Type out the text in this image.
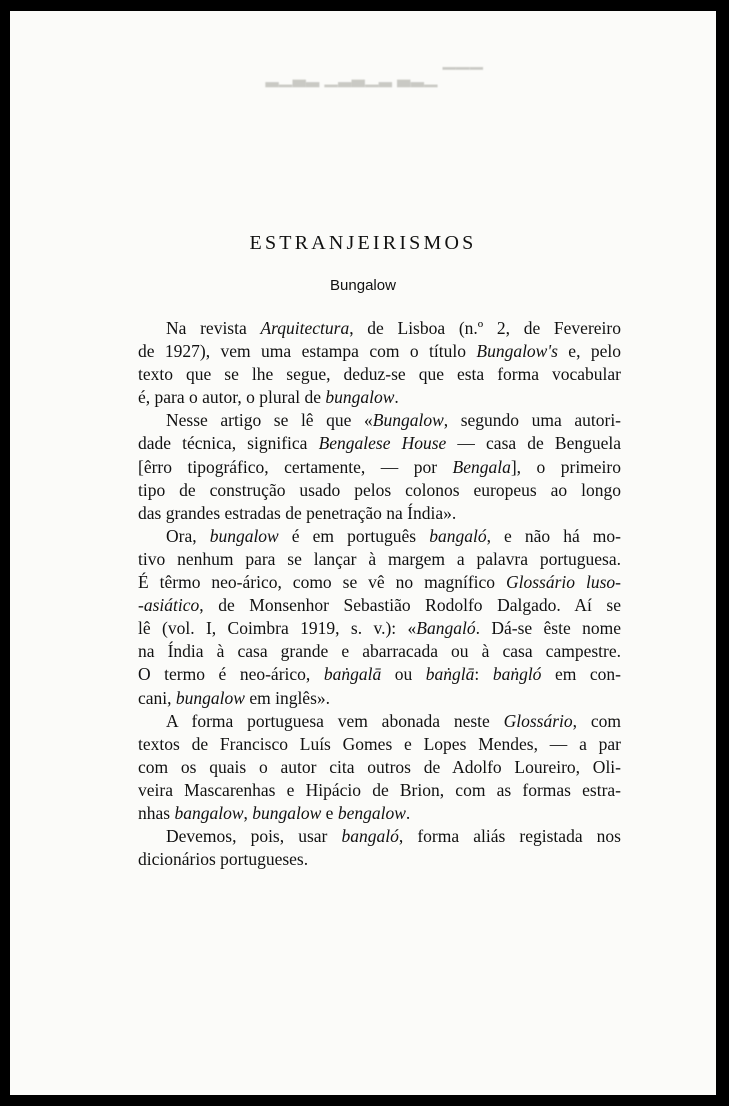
▔▔▔ ▁▂▃ ▂▁▃▂▁ ▂▃▁▂
ESTRANJEIRISMOS
Bungalow
Na revista Arquitectura, de Lisboa (n.º 2, de Fevereiro
de 1927), vem uma estampa com o título Bungalow's e, pelo
texto que se lhe segue, deduz-se que esta forma vocabular
é, para o autor, o plural de bungalow.
Nesse artigo se lê que «Bungalow, segundo uma autori-
dade técnica, significa Bengalese House — casa de Benguela
[êrro tipográfico, certamente, — por Bengala], o primeiro
tipo de construção usado pelos colonos europeus ao longo
das grandes estradas de penetração na Índia».
Ora, bungalow é em português bangaló, e não há mo-
tivo nenhum para se lançar à margem a palavra portuguesa.
É têrmo neo-árico, como se vê no magnífico Glossário luso-
-asiático, de Monsenhor Sebastião Rodolfo Dalgado. Aí se
lê (vol. I, Coimbra 1919, s. v.): «Bangaló. Dá-se êste nome
na Índia à casa grande e abarracada ou à casa campestre.
O termo é neo-árico, baṅgalā ou baṅglā: baṅgló em con-
cani, bungalow em inglês».
A forma portuguesa vem abonada neste Glossário, com
textos de Francisco Luís Gomes e Lopes Mendes, — a par
com os quais o autor cita outros de Adolfo Loureiro, Oli-
veira Mascarenhas e Hipácio de Brion, com as formas estra-
nhas bangalow, bungalow e bengalow.
Devemos, pois, usar bangaló, forma aliás registada nos
dicionários portugueses.
